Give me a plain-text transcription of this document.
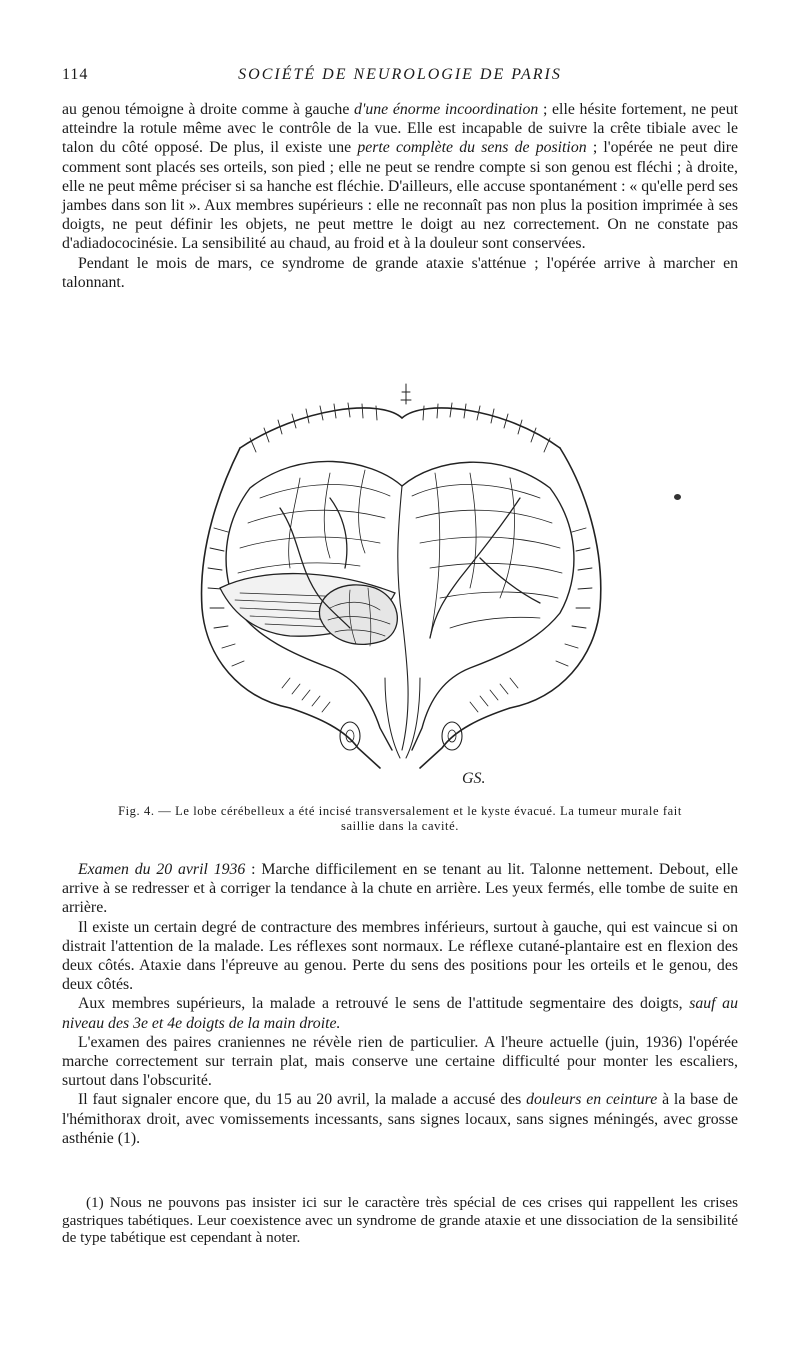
114	SOCIÉTÉ DE NEUROLOGIE DE PARIS

au genou témoigne à droite comme à gauche d'une énorme incoordination ; elle hésite fortement, ne peut atteindre la rotule même avec le contrôle de la vue. Elle est incapable de suivre la crête tibiale avec le talon du côté opposé. De plus, il existe une perte complète du sens de position ; l'opérée ne peut dire comment sont placés ses orteils, son pied ; elle ne peut se rendre compte si son genou est fléchi ; à droite, elle ne peut même préciser si sa hanche est fléchie. D'ailleurs, elle accuse spontanément : « qu'elle perd ses jambes dans son lit ». Aux membres supérieurs : elle ne reconnaît pas non plus la position imprimée à ses doigts, ne peut définir les objets, ne peut mettre le doigt au nez correctement. On ne constate pas d'adiadococinésie. La sensibilité au chaud, au froid et à la douleur sont conservées.

Pendant le mois de mars, ce syndrome de grande ataxie s'atténue ; l'opérée arrive à marcher en talonnant.

GS.
Fig. 4. — Le lobe cérébelleux a été incisé transversalement et le kyste évacué. La tumeur murale fait
saillie dans la cavité.

Examen du 20 avril 1936 : Marche difficilement en se tenant au lit. Talonne nettement. Debout, elle arrive à se redresser et à corriger la tendance à la chute en arrière. Les yeux fermés, elle tombe de suite en arrière.

Il existe un certain degré de contracture des membres inférieurs, surtout à gauche, qui est vaincue si on distrait l'attention de la malade. Les réflexes sont normaux. Le réflexe cutané-plantaire est en flexion des deux côtés. Ataxie dans l'épreuve au genou. Perte du sens des positions pour les orteils et le genou, des deux côtés.

Aux membres supérieurs, la malade a retrouvé le sens de l'attitude segmentaire des doigts, sauf au niveau des 3e et 4e doigts de la main droite.

L'examen des paires craniennes ne révèle rien de particulier. A l'heure actuelle (juin, 1936) l'opérée marche correctement sur terrain plat, mais conserve une certaine difficulté pour monter les escaliers, surtout dans l'obscurité.

Il faut signaler encore que, du 15 au 20 avril, la malade a accusé des douleurs en ceinture à la base de l'hémithorax droit, avec vomissements incessants, sans signes locaux, sans signes méningés, avec grosse asthénie (1).

(1) Nous ne pouvons pas insister ici sur le caractère très spécial de ces crises qui rappellent les crises gastriques tabétiques. Leur coexistence avec un syndrome de grande ataxie et une dissociation de la sensibilité de type tabétique est cependant à noter.
